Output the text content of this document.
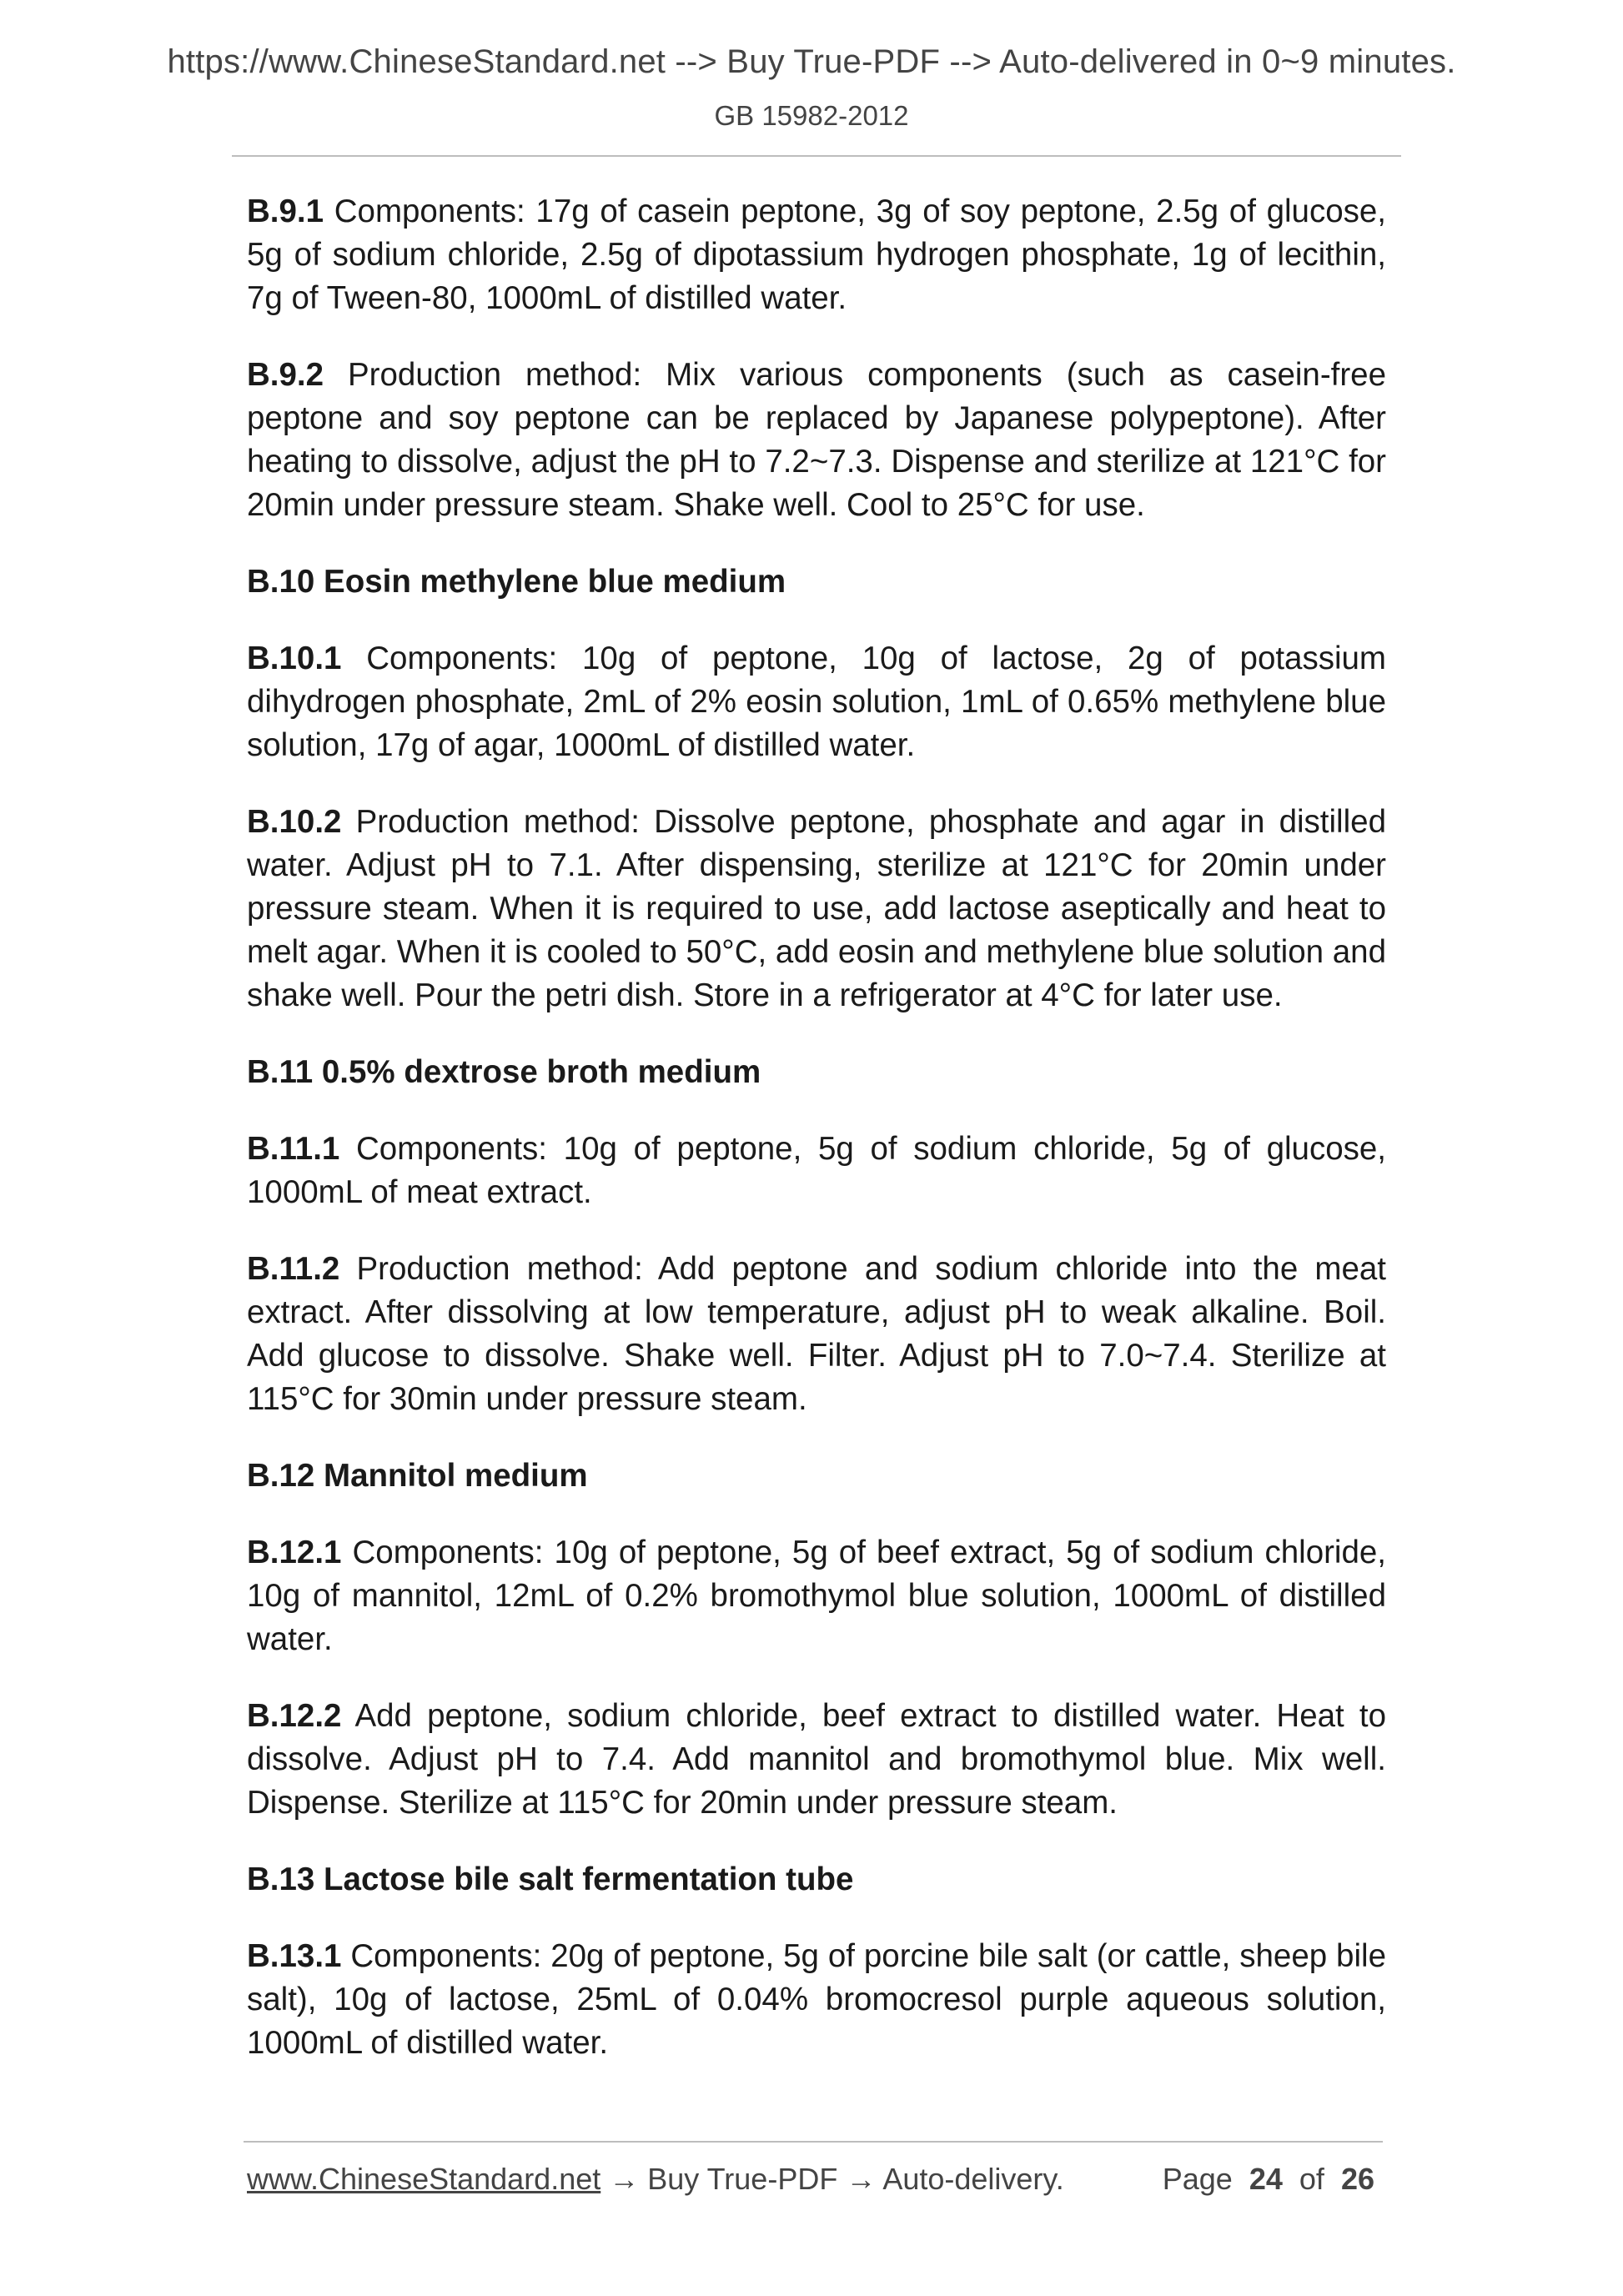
https://www.ChineseStandard.net --> Buy True-PDF --> Auto-delivered in 0~9 minutes.
GB 15982-2012

B.9.1 Components: 17g of casein peptone, 3g of soy peptone, 2.5g of glucose, 5g of sodium chloride, 2.5g of dipotassium hydrogen phosphate, 1g of lecithin, 7g of Tween-80, 1000mL of distilled water.

B.9.2 Production method: Mix various components (such as casein-free peptone and soy peptone can be replaced by Japanese polypeptone). After heating to dissolve, adjust the pH to 7.2~7.3. Dispense and sterilize at 121°C for 20min under pressure steam. Shake well. Cool to 25°C for use.

B.10 Eosin methylene blue medium

B.10.1 Components: 10g of peptone, 10g of lactose, 2g of potassium dihydrogen phosphate, 2mL of 2% eosin solution, 1mL of 0.65% methylene blue solution, 17g of agar, 1000mL of distilled water.

B.10.2 Production method: Dissolve peptone, phosphate and agar in distilled water. Adjust pH to 7.1. After dispensing, sterilize at 121°C for 20min under pressure steam. When it is required to use, add lactose aseptically and heat to melt agar. When it is cooled to 50°C, add eosin and methylene blue solution and shake well. Pour the petri dish. Store in a refrigerator at 4°C for later use.

B.11 0.5% dextrose broth medium

B.11.1 Components: 10g of peptone, 5g of sodium chloride, 5g of glucose, 1000mL of meat extract.

B.11.2 Production method: Add peptone and sodium chloride into the meat extract. After dissolving at low temperature, adjust pH to weak alkaline. Boil. Add glucose to dissolve. Shake well. Filter. Adjust pH to 7.0~7.4. Sterilize at 115°C for 30min under pressure steam.

B.12 Mannitol medium

B.12.1 Components: 10g of peptone, 5g of beef extract, 5g of sodium chloride, 10g of mannitol, 12mL of 0.2% bromothymol blue solution, 1000mL of distilled water.

B.12.2 Add peptone, sodium chloride, beef extract to distilled water. Heat to dissolve. Adjust pH to 7.4. Add mannitol and bromothymol blue. Mix well. Dispense. Sterilize at 115°C for 20min under pressure steam.

B.13 Lactose bile salt fermentation tube

B.13.1 Components: 20g of peptone, 5g of porcine bile salt (or cattle, sheep bile salt), 10g of lactose, 25mL of 0.04% bromocresol purple aqueous solution, 1000mL of distilled water.

www.ChineseStandard.net → Buy True-PDF → Auto-delivery.	Page 24 of 26
